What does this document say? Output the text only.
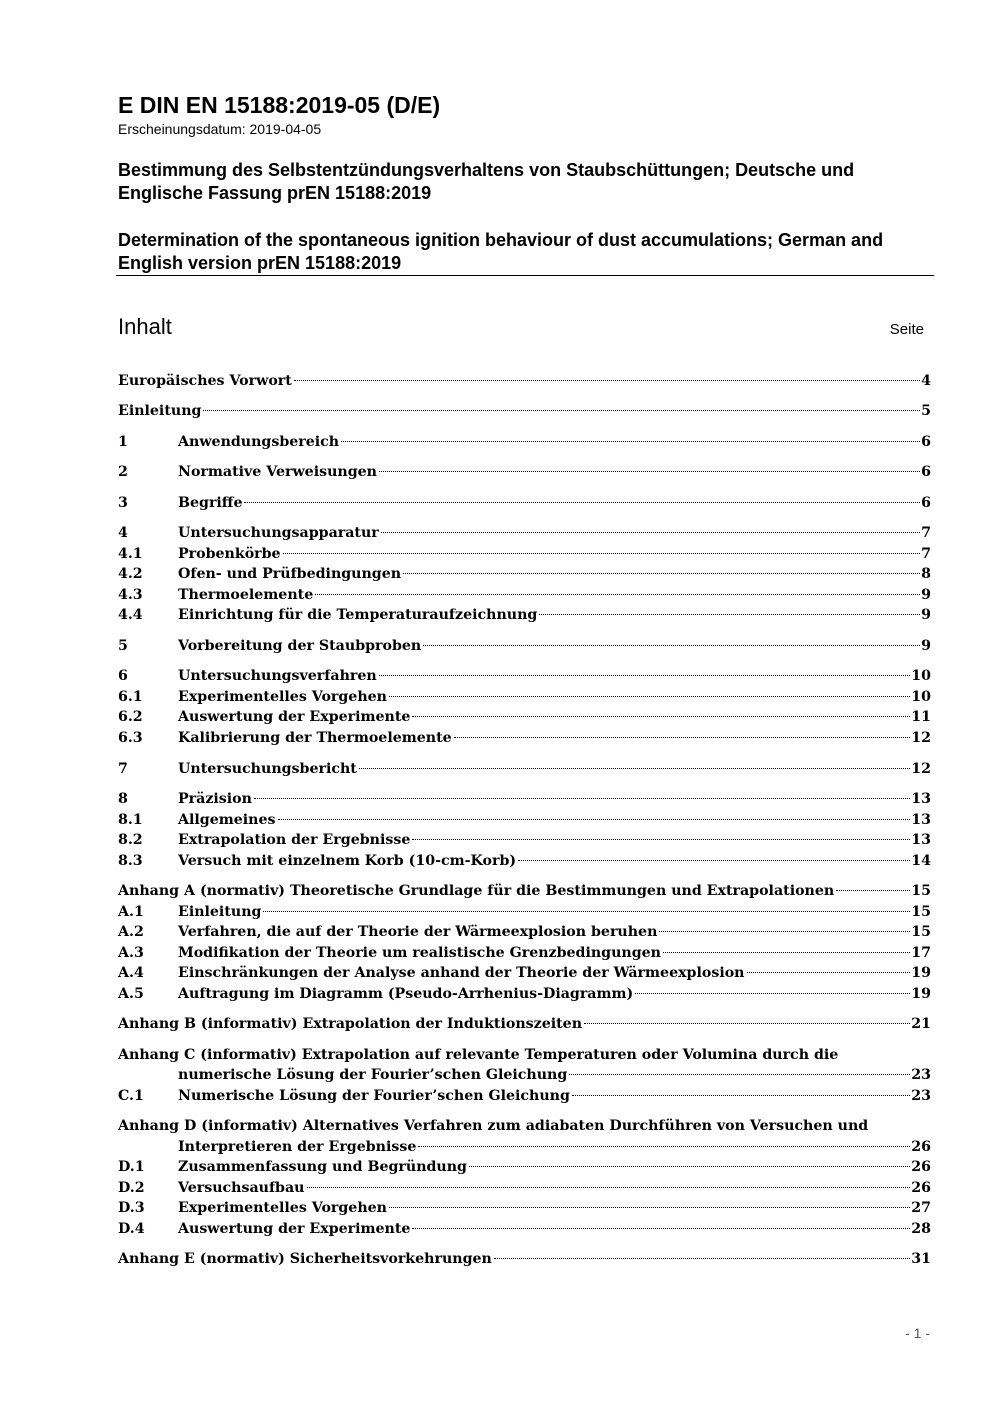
E DIN EN 15188:2019-05 (D/E)
Erscheinungsdatum: 2019-04-05
Bestimmung des Selbstentzündungsverhaltens von Staubschüttungen; Deutsche und Englische Fassung prEN 15188:2019
Determination of the spontaneous ignition behaviour of dust accumulations; German and English version prEN 15188:2019
Inhalt	Seite
Europäisches Vorwort	4
Einleitung	5
1	Anwendungsbereich	6
2	Normative Verweisungen	6
3	Begriffe	6
4	Untersuchungsapparatur	7
4.1 Probenkörbe	7
4.2 Ofen- und Prüfbedingungen	8
4.3 Thermoelemente	9
4.4 Einrichtung für die Temperaturaufzeichnung	9
5	Vorbereitung der Staubproben	9
6	Untersuchungsverfahren	10
6.1 Experimentelles Vorgehen	10
6.2 Auswertung der Experimente	11
6.3 Kalibrierung der Thermoelemente	12
7	Untersuchungsbericht	12
8	Präzision	13
8.1 Allgemeines	13
8.2 Extrapolation der Ergebnisse	13
8.3 Versuch mit einzelnem Korb (10-cm-Korb)	14
Anhang A (normativ) Theoretische Grundlage für die Bestimmungen und Extrapolationen	15
A.1 Einleitung	15
A.2 Verfahren, die auf der Theorie der Wärmeexplosion beruhen	15
A.3 Modifikation der Theorie um realistische Grenzbedingungen	17
A.4 Einschränkungen der Analyse anhand der Theorie der Wärmeexplosion	19
A.5 Auftragung im Diagramm (Pseudo-Arrhenius-Diagramm)	19
Anhang B (informativ) Extrapolation der Induktionszeiten	21
Anhang C (informativ) Extrapolation auf relevante Temperaturen oder Volumina durch die
numerische Lösung der Fourier’schen Gleichung	23
C.1 Numerische Lösung der Fourier’schen Gleichung	23
Anhang D (informativ) Alternatives Verfahren zum adiabaten Durchführen von Versuchen und
Interpretieren der Ergebnisse	26
D.1 Zusammenfassung und Begründung	26
D.2 Versuchsaufbau	26
D.3 Experimentelles Vorgehen	27
D.4 Auswertung der Experimente	28
Anhang E (normativ) Sicherheitsvorkehrungen	31
- 1 -
